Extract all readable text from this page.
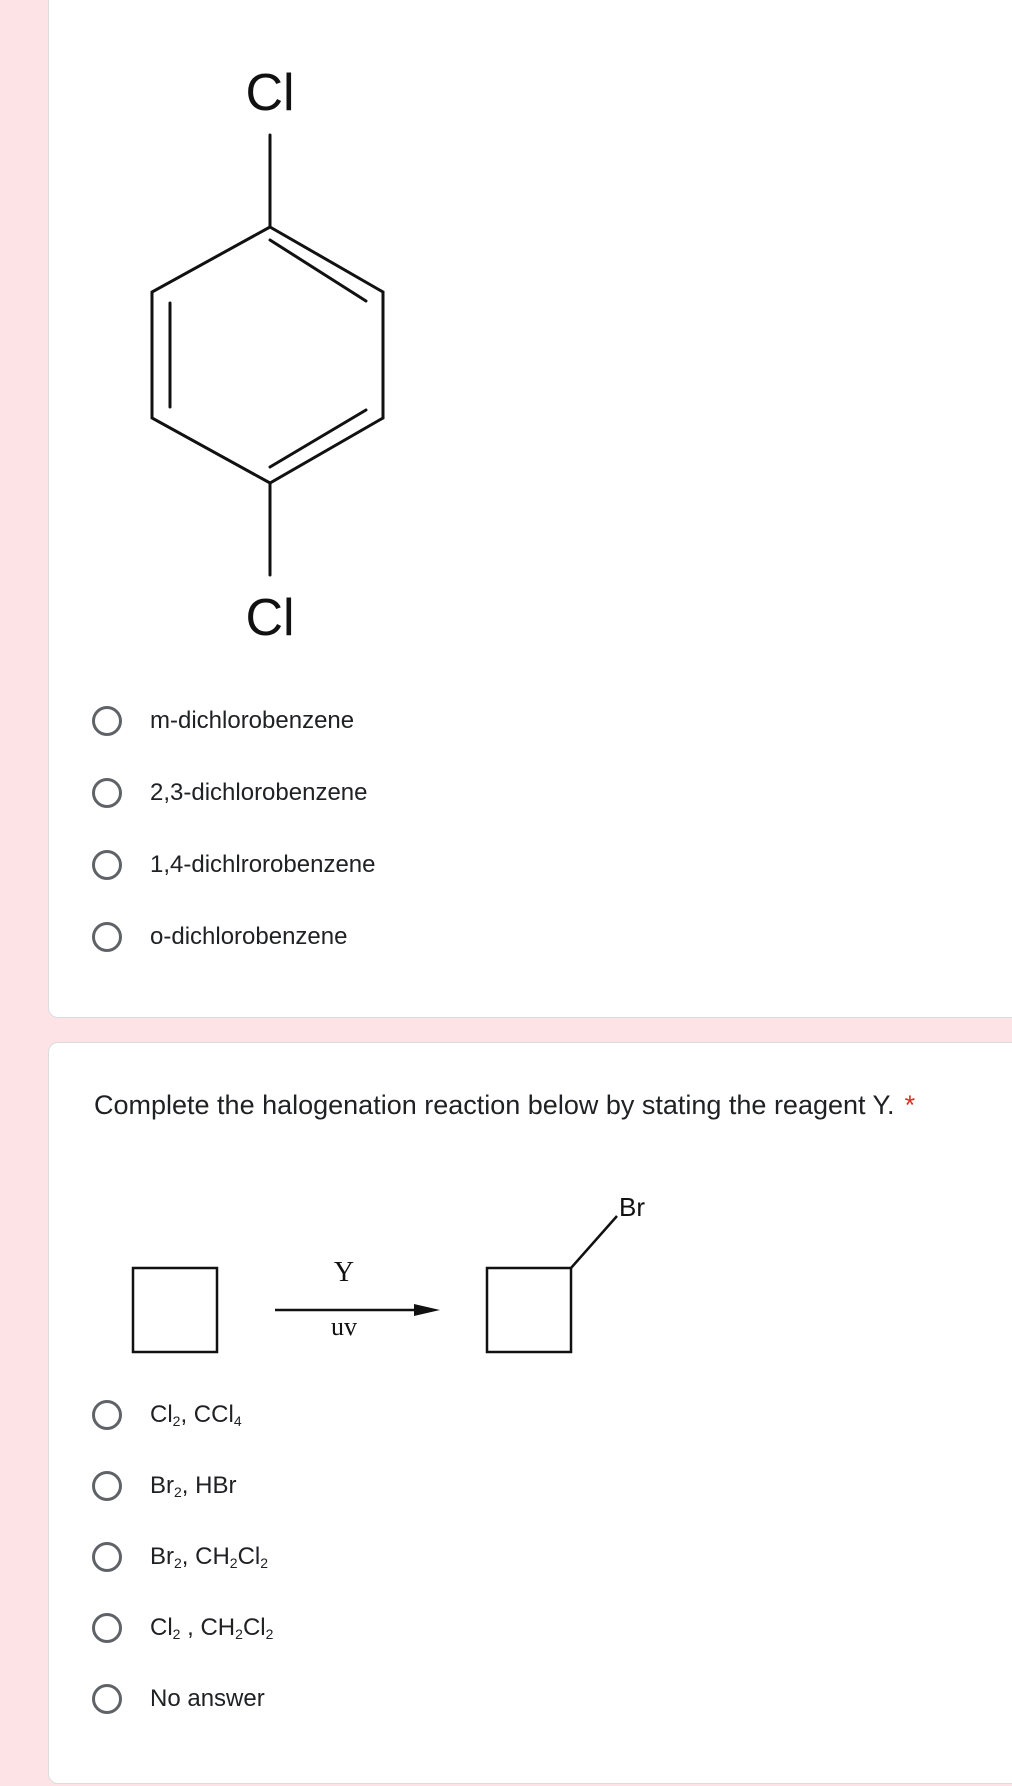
Cl
Cl
m-dichlorobenzene
2,3-dichlorobenzene
1,4-dichlrorobenzene
o-dichlorobenzene
Complete the halogenation reaction below by stating the reagent Y. *
Y
uv
Br
$Cl_2$, CCl$_4$
$Br_2$, HBr
$Br_2$, $CH_2Cl_2$
$Cl_2$ , $CH_2Cl_2$
No answer
